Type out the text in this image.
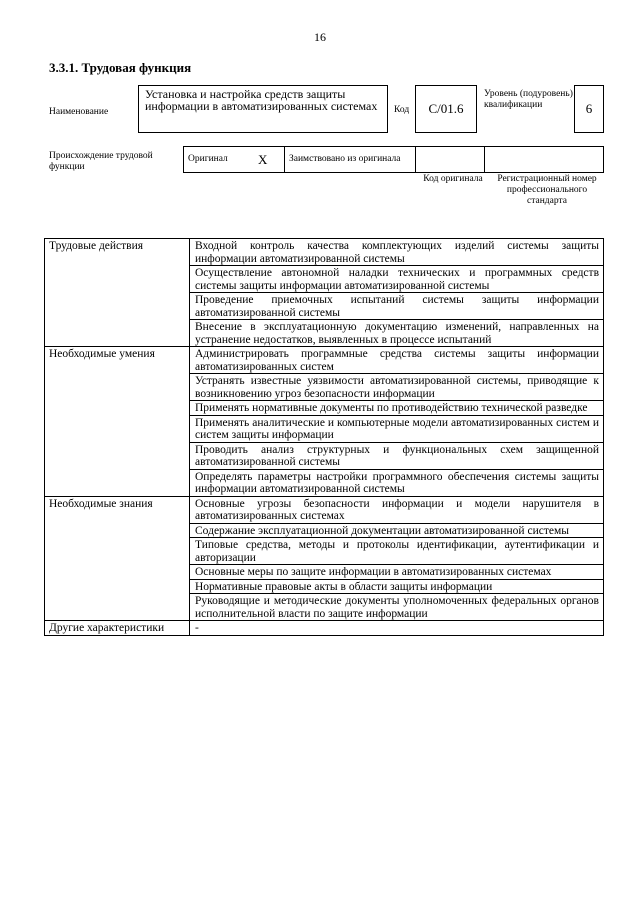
16
3.3.1. Трудовая функция
Наименование
Установка и настройка средств защиты информации в автоматизированных системах	Код С/01.6
Уровень (подуровень) квалификации	6
Происхождение трудовой функции
Оригинал	X	Заимствовано из оригинала		
Код оригинала	Регистрационный номер профессионального стандарта
Трудовые действия	Входной контроль качества комплектующих изделий системы защиты информации автоматизированной системы
	Осуществление автономной наладки технических и программных средств системы защиты информации автоматизированной системы
	Проведение приемочных испытаний системы защиты информации автоматизированной системы
	Внесение в эксплуатационную документацию изменений, направленных на устранение недостатков, выявленных в процессе испытаний
Необходимые умения	Администрировать программные средства системы защиты информации автоматизированных систем
	Устранять известные уязвимости автоматизированной системы, приводящие к возникновению угроз безопасности информации
	Применять нормативные документы по противодействию технической разведке
	Применять аналитические и компьютерные модели автоматизированных систем и систем защиты информации
	Проводить анализ структурных и функциональных схем защищенной автоматизированной системы
	Определять параметры настройки программного обеспечения системы защиты информации автоматизированной системы
Необходимые знания	Основные угрозы безопасности информации и модели нарушителя в автоматизированных системах
	Содержание эксплуатационной документации автоматизированной системы
	Типовые средства, методы и протоколы идентификации, аутентификации и авторизации
	Основные меры по защите информации в автоматизированных системах
	Нормативные правовые акты в области защиты информации
	Руководящие и методические документы уполномоченных федеральных органов исполнительной власти по защите информации
Другие характеристики	-
